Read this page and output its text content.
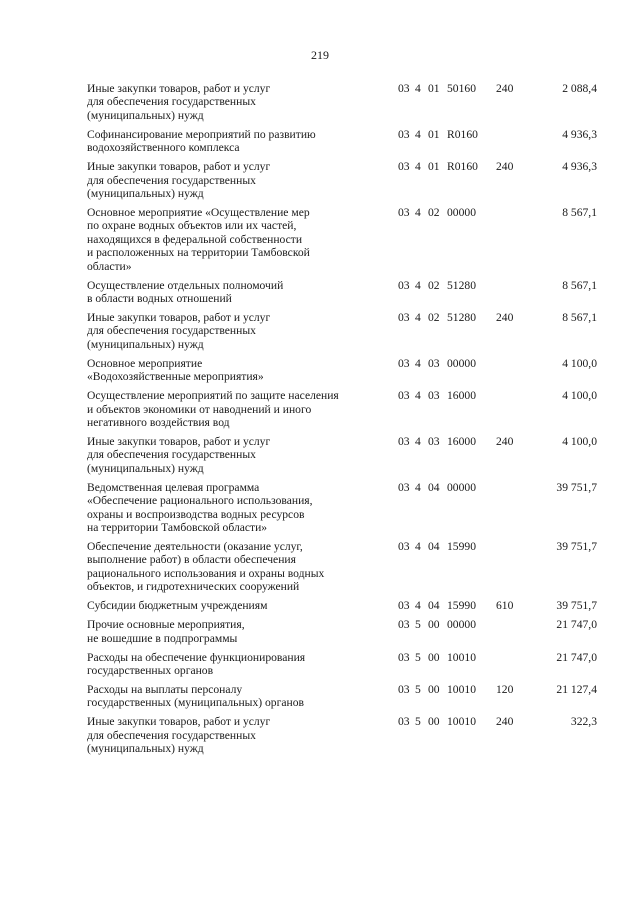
219
Иные закупки товаров, работ и услуг
для обеспечения государственных
(муниципальных) нужд
03 4 01 50160 240	2 088,4
Софинансирование мероприятий по развитию
водохозяйственного комплекса
03 4 01 R0160	4 936,3
Иные закупки товаров, работ и услуг
для обеспечения государственных
(муниципальных) нужд
03 4 01 R0160 240	4 936,3
Основное мероприятие «Осуществление мер
по охране водных объектов или их частей,
находящихся в федеральной собственности
и расположенных на территории Тамбовской
области»
03 4 02 00000	8 567,1
Осуществление отдельных полномочий
в области водных отношений
03 4 02 51280	8 567,1
Иные закупки товаров, работ и услуг
для обеспечения государственных
(муниципальных) нужд
03 4 02 51280 240	8 567,1
Основное мероприятие
«Водохозяйственные мероприятия»
03 4 03 00000	4 100,0
Осуществление мероприятий по защите населения
и объектов экономики от наводнений и иного
негативного воздействия вод
03 4 03 16000	4 100,0
Иные закупки товаров, работ и услуг
для обеспечения государственных
(муниципальных) нужд
03 4 03 16000 240	4 100,0
Ведомственная целевая программа
«Обеспечение рационального использования,
охраны и воспроизводства водных ресурсов
на территории Тамбовской области»
03 4 04 00000	39 751,7
Обеспечение деятельности (оказание услуг,
выполнение работ) в области обеспечения
рационального использования и охраны водных
объектов, и гидротехнических сооружений
03 4 04 15990	39 751,7
Субсидии бюджетным учреждениям	03 4 04 15990 610	39 751,7
Прочие основные мероприятия,
не вошедшие в подпрограммы
03 5 00 00000	21 747,0
Расходы на обеспечение функционирования
государственных органов
03 5 00 10010	21 747,0
Расходы на выплаты персоналу
государственных (муниципальных) органов
03 5 00 10010 120	21 127,4
Иные закупки товаров, работ и услуг
для обеспечения государственных
(муниципальных) нужд
03 5 00 10010 240	322,3
